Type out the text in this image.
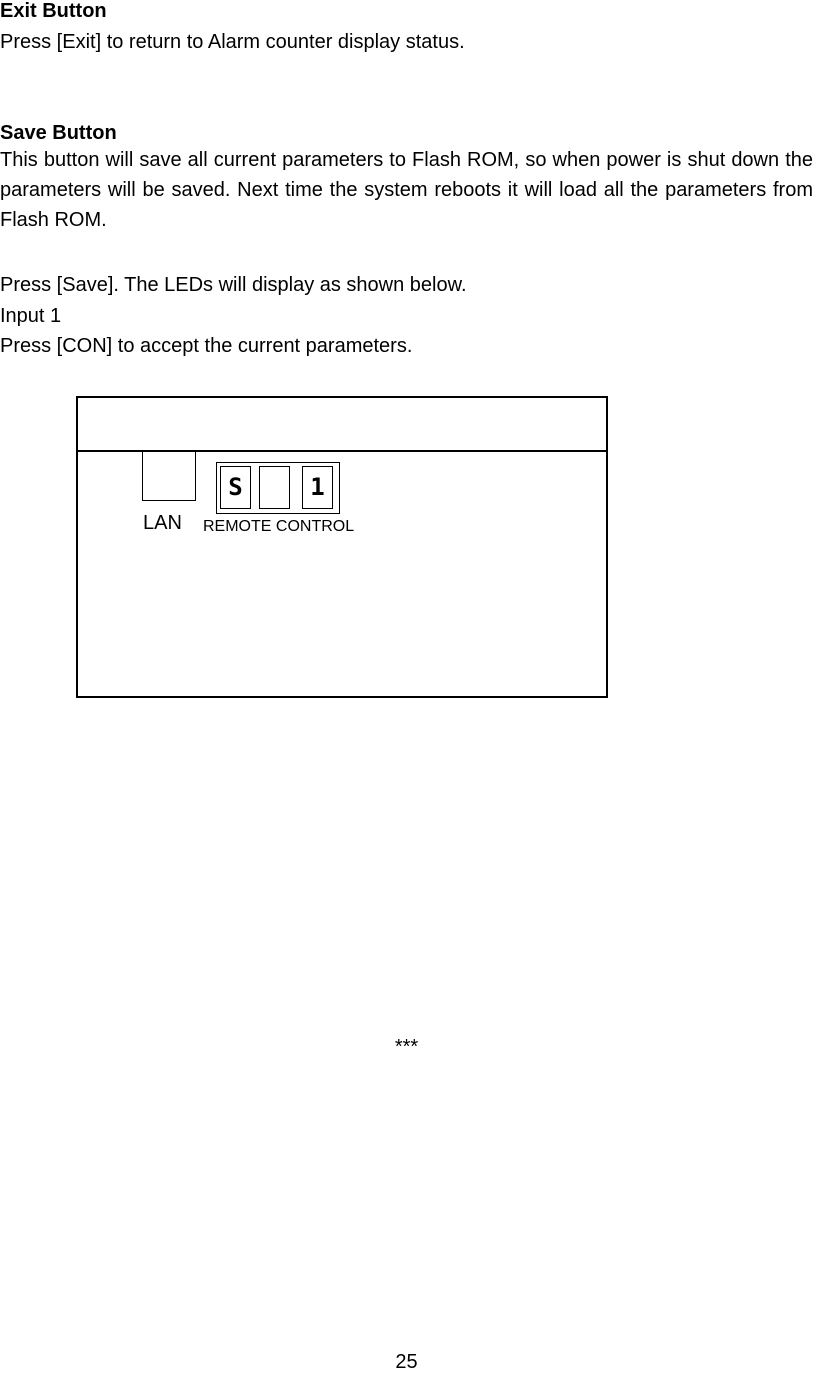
Exit Button

Press [Exit] to return to Alarm counter display status.

Save Button

This button will save all current parameters to Flash ROM, so when power is shut down the parameters will be saved. Next time the system reboots it will load all the parameters from Flash ROM.

Press [Save]. The LEDs will display as shown below.

Input 1

Press [CON] to accept the current parameters.

LAN
S	1
REMOTE CONTROL
***
25
